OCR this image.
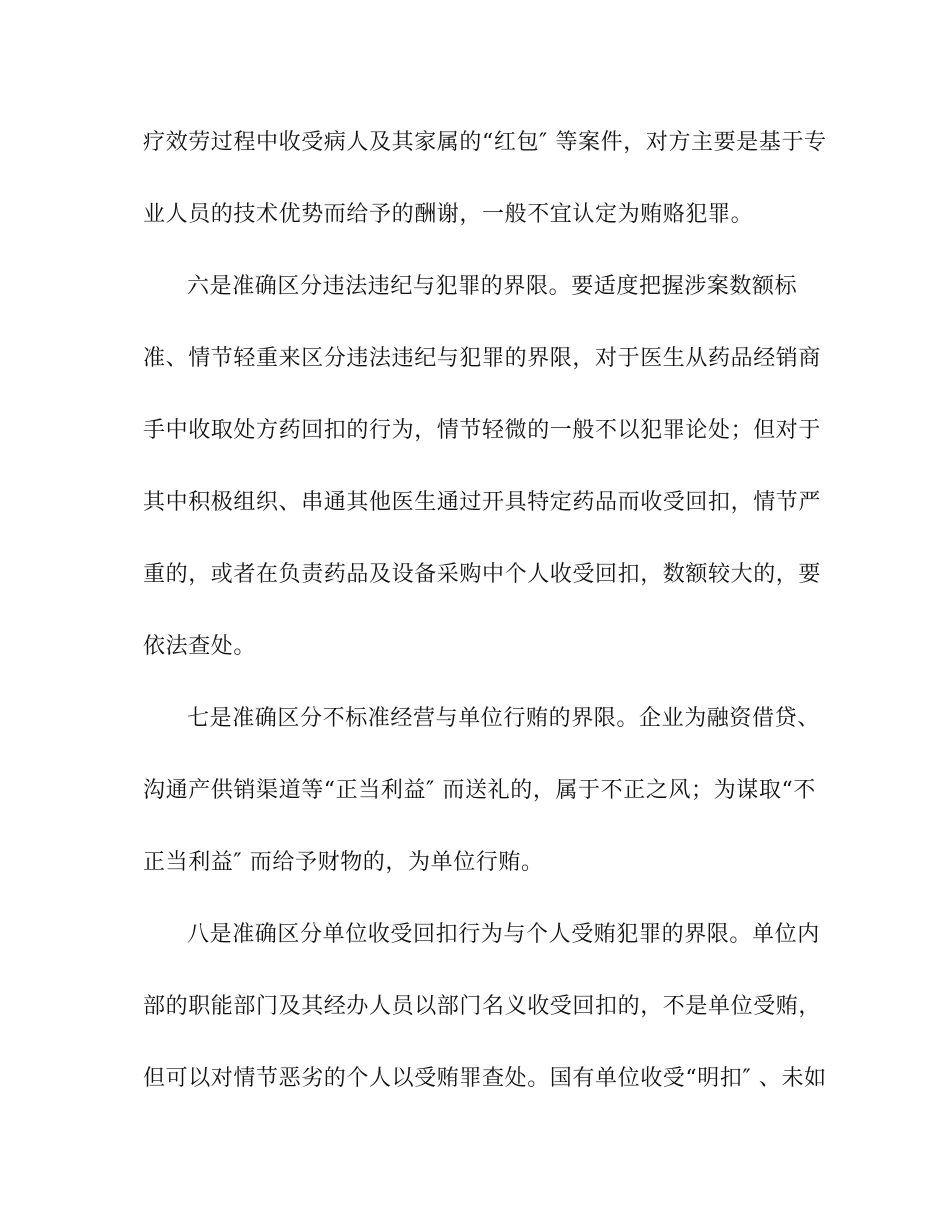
疗效劳过程中收受病人及其家属的“红包″ 等案件，对方主要是基于专
业人员的技术优势而给予的酬谢，一般不宜认定为贿赂犯罪。
六是准确区分违法违纪与犯罪的界限。要适度把握涉案数额标
准、情节轻重来区分违法违纪与犯罪的界限，对于医生从药品经销商
手中收取处方药回扣的行为，情节轻微的一般不以犯罪论处；但对于
其中积极组织、串通其他医生通过开具特定药品而收受回扣，情节严
重的，或者在负责药品及设备采购中个人收受回扣，数额较大的，要
依法查处。
七是准确区分不标准经营与单位行贿的界限。企业为融资借贷、
沟通产供销渠道等“正当利益″ 而送礼的，属于不正之风；为谋取“不
正当利益″ 而给予财物的，为单位行贿。
八是准确区分单位收受回扣行为与个人受贿犯罪的界限。单位内
部的职能部门及其经办人员以部门名义收受回扣的，不是单位受贿，
但可以对情节恶劣的个人以受贿罪查处。国有单位收受“明扣″ 、未如
